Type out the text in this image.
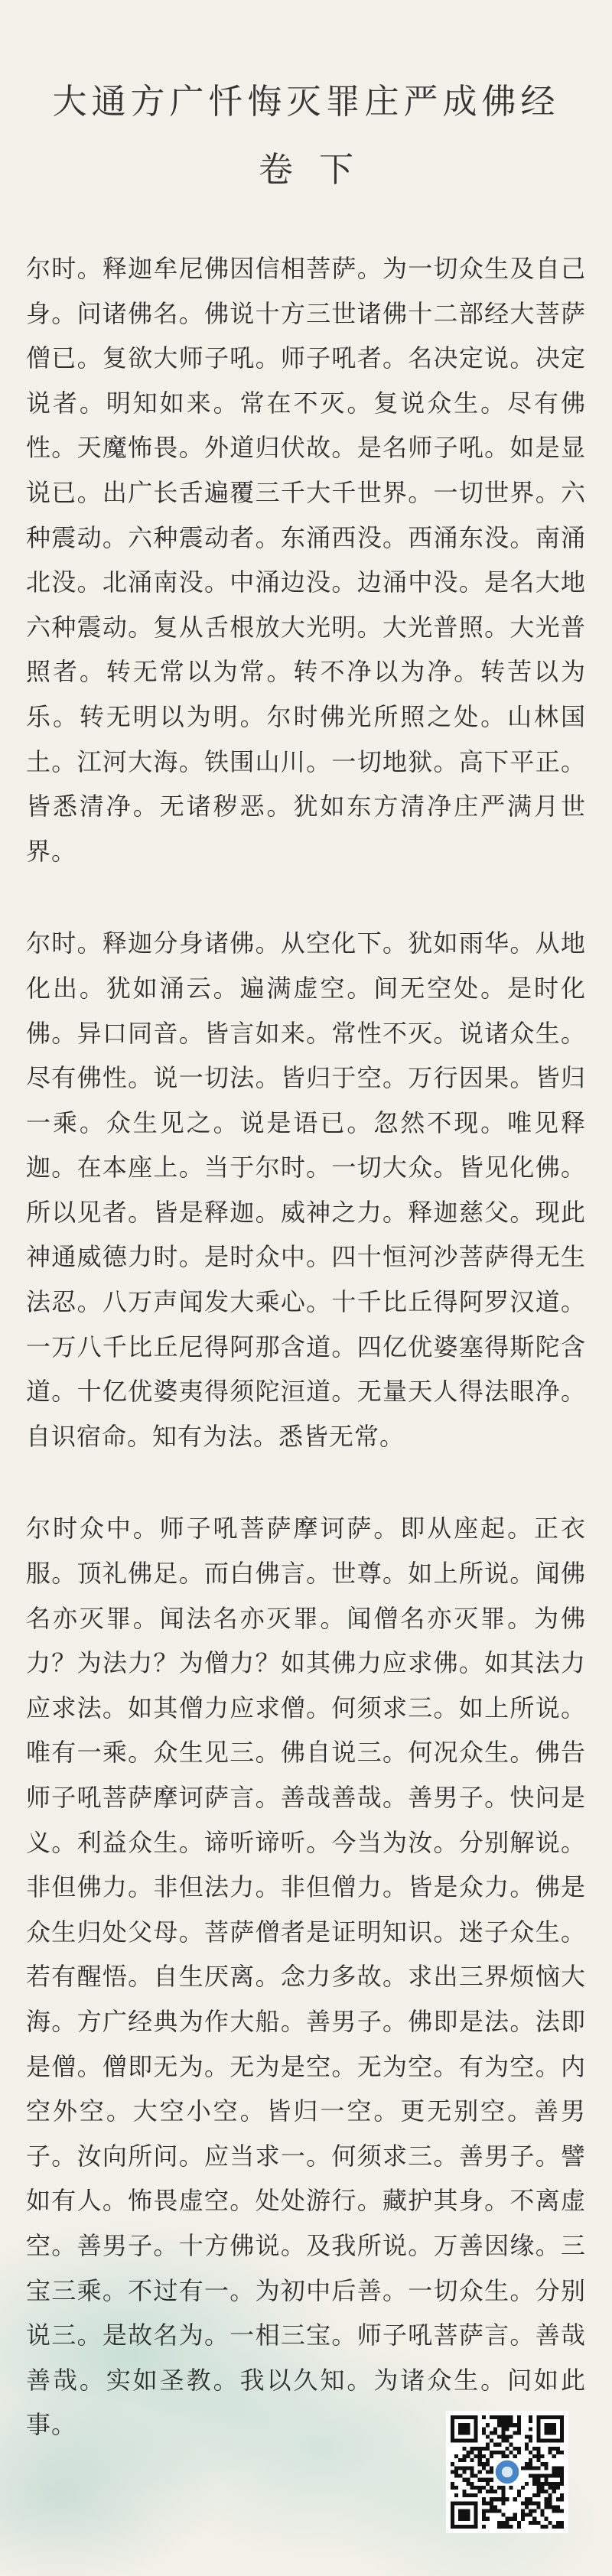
大通方广忏悔灭罪庄严成佛经
卷下

尔时。释迦牟尼佛因信相菩萨。为一切众生及自己身。问诸佛名。佛说十方三世诸佛十二部经大菩萨僧已。复欲大师子吼。师子吼者。名决定说。决定说者。明知如来。常在不灭。复说众生。尽有佛性。天魔怖畏。外道归伏故。是名师子吼。如是显说已。出广长舌遍覆三千大千世界。一切世界。六种震动。六种震动者。东涌西没。西涌东没。南涌北没。北涌南没。中涌边没。边涌中没。是名大地六种震动。复从舌根放大光明。大光普照。大光普照者。转无常以为常。转不净以为净。转苦以为乐。转无明以为明。尔时佛光所照之处。山林国土。江河大海。铁围山川。一切地狱。高下平正。皆悉清净。无诸秽恶。犹如东方清净庄严满月世界。

尔时。释迦分身诸佛。从空化下。犹如雨华。从地化出。犹如涌云。遍满虚空。间无空处。是时化佛。异口同音。皆言如来。常性不灭。说诸众生。尽有佛性。说一切法。皆归于空。万行因果。皆归一乘。众生见之。说是语已。忽然不现。唯见释迦。在本座上。当于尔时。一切大众。皆见化佛。所以见者。皆是释迦。威神之力。释迦慈父。现此神通威德力时。是时众中。四十恒河沙菩萨得无生法忍。八万声闻发大乘心。十千比丘得阿罗汉道。一万八千比丘尼得阿那含道。四亿优婆塞得斯陀含道。十亿优婆夷得须陀洹道。无量天人得法眼净。自识宿命。知有为法。悉皆无常。

尔时众中。师子吼菩萨摩诃萨。即从座起。正衣服。顶礼佛足。而白佛言。世尊。如上所说。闻佛名亦灭罪。闻法名亦灭罪。闻僧名亦灭罪。为佛力？为法力？为僧力？如其佛力应求佛。如其法力应求法。如其僧力应求僧。何须求三。如上所说。唯有一乘。众生见三。佛自说三。何况众生。佛告师子吼菩萨摩诃萨言。善哉善哉。善男子。快问是义。利益众生。谛听谛听。今当为汝。分别解说。非但佛力。非但法力。非但僧力。皆是众力。佛是众生归处父母。菩萨僧者是证明知识。迷子众生。若有醒悟。自生厌离。念力多故。求出三界烦恼大海。方广经典为作大船。善男子。佛即是法。法即是僧。僧即无为。无为是空。无为空。有为空。内空外空。大空小空。皆归一空。更无别空。善男子。汝向所问。应当求一。何须求三。善男子。譬如有人。怖畏虚空。处处游行。藏护其身。不离虚空。善男子。十方佛说。及我所说。万善因缘。三宝三乘。不过有一。为初中后善。一切众生。分别说三。是故名为。一相三宝。师子吼菩萨言。善哉善哉。实如圣教。我以久知。为诸众生。问如此事。
